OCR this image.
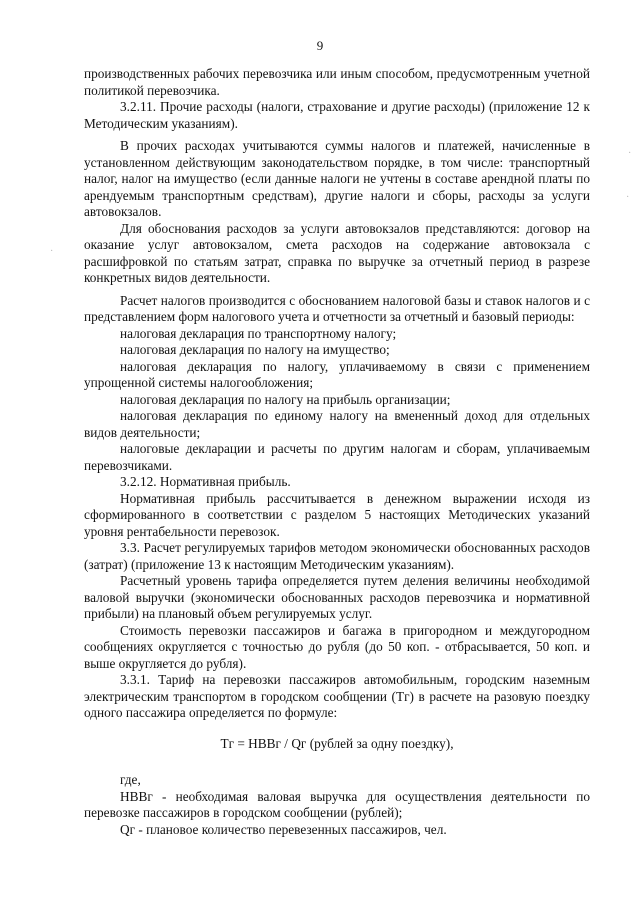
9

производственных рабочих перевозчика или иным способом, предусмотренным учетной политикой перевозчика.

3.2.11. Прочие расходы (налоги, страхование и другие расходы) (приложение 12 к Методическим указаниям).

В прочих расходах учитываются суммы налогов и платежей, начисленные в установленном действующим законодательством порядке, в том числе: транспортный налог, налог на имущество (если данные налоги не учтены в составе арендной платы по арендуемым транспортным средствам), другие налоги и сборы, расходы за услуги автовокзалов.

Для обоснования расходов за услуги автовокзалов представляются: договор на оказание услуг автовокзалом, смета расходов на содержание автовокзала с расшифровкой по статьям затрат, справка по выручке за отчетный период в разрезе конкретных видов деятельности.

Расчет налогов производится с обоснованием налоговой базы и ставок налогов и с представлением форм налогового учета и отчетности за отчетный и базовый периоды:

налоговая декларация по транспортному налогу;

налоговая декларация по налогу на имущество;

налоговая декларация по налогу, уплачиваемому в связи с применением упрощенной системы налогообложения;

налоговая декларация по налогу на прибыль организации;

налоговая декларация по единому налогу на вмененный доход для отдельных видов деятельности;

налоговые декларации и расчеты по другим налогам и сборам, уплачиваемым перевозчиками.

3.2.12. Нормативная прибыль.

Нормативная прибыль рассчитывается в денежном выражении исходя из сформированного в соответствии с разделом 5 настоящих Методических указаний уровня рентабельности перевозок.

3.3. Расчет регулируемых тарифов методом экономически обоснованных расходов (затрат) (приложение 13 к настоящим Методическим указаниям).

Расчетный уровень тарифа определяется путем деления величины необходимой валовой выручки (экономически обоснованных расходов перевозчика и нормативной прибыли) на плановый объем регулируемых услуг.

Стоимость перевозки пассажиров и багажа в пригородном и междугородном сообщениях округляется с точностью до рубля (до 50 коп. - отбрасывается, 50 коп. и выше округляется до рубля).

3.3.1. Тариф на перевозки пассажиров автомобильным, городским наземным электрическим транспортом в городском сообщении (Тг) в расчете на разовую поездку одного пассажира определяется по формуле:

Тг = НВВг / Qг (рублей за одну поездку),

где,

НВВг - необходимая валовая выручка для осуществления деятельности по перевозке пассажиров в городском сообщении (рублей);

Qг - плановое количество перевезенных пассажиров, чел.

·
·
·
